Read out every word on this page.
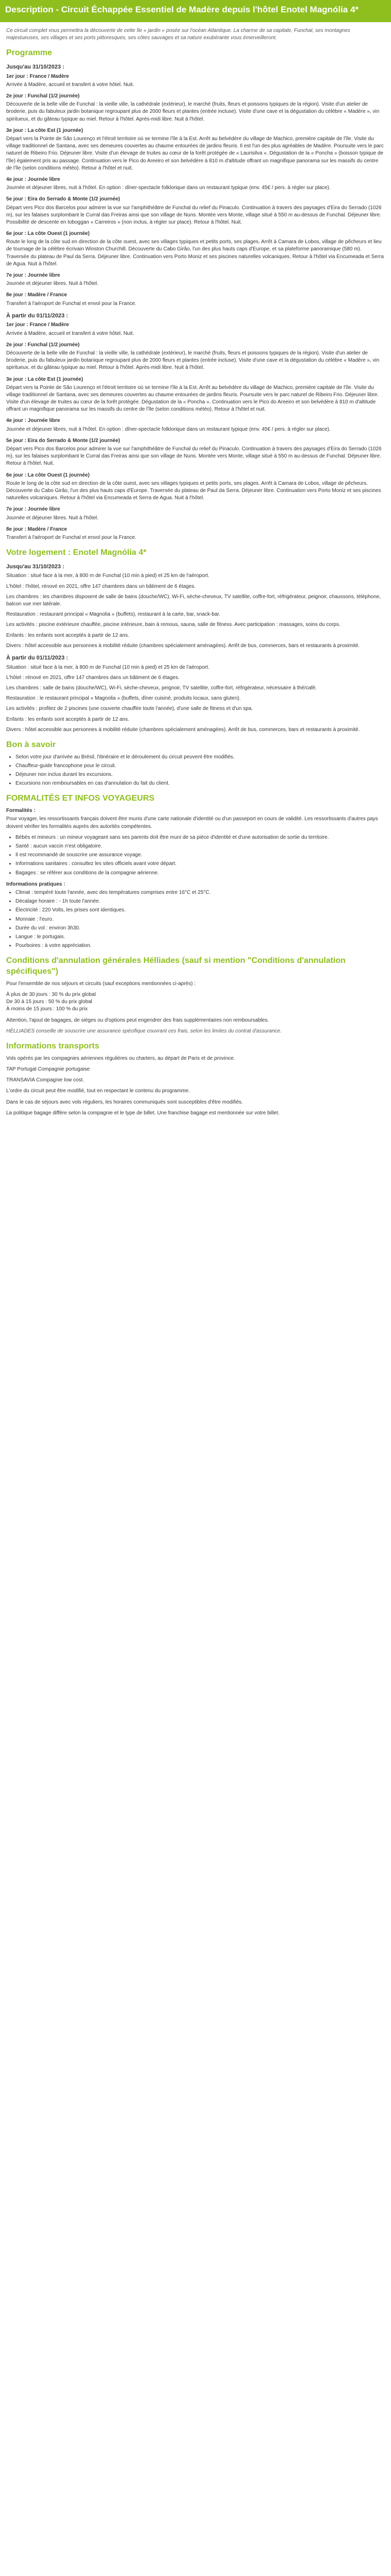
Description - Circuit Échappée Essentiel de Madère depuis l'hôtel Enotel Magnólia 4*

Ce circuit complet vous permettra la découverte de cette île « jardin » posée sur l'océan Atlantique. La charme de sa capitale, Funchal, ses montagnes majestueuses, ses villages et ses ports pittoresques, ses côtes sauvages et sa nature exubérante vous émerveilleront.

Programme
Jusqu'au 31/10/2023 :
1er jour : France / Madère
Arrivée à Madère, accueil et transfert à votre hôtel. Nuit.
2e jour : Funchal (1/2 journée)
Découverte de la belle ville de Funchal : la vieille ville, la cathédrale (extérieur), le marché (fruits, fleurs et poissons typiques de la région). Visite d'un atelier de broderie, puis du fabuleux jardin botanique regroupant plus de 2000 fleurs et plantes (entrée incluse). Visite d'une cave et la dégustation du célèbre « Madère », vin spiritueux, et du gâteau typique au miel. Retour à l'hôtel. Après-midi libre. Nuit à l'hôtel.
3e jour : La côte Est (1 journée)
Départ vers la Pointe de São Lourenço et l'étroit territoire où se termine l'île à la Est. Arrêt au belvédère du village de Machico, première capitale de l'île. Visite du village traditionnel de Santana, avec ses demeures couvertes au chaume entourées de jardins fleuris. Il est l'un des plus agréables de Madère. Poursuite vers le parc naturel de Ribeiro Frio. Déjeuner libre. Visite d'un élevage de truites au cœur de la forêt protégée de « Laurisilva ». Dégustation de la « Poncha » (boisson typique de l'île) également pris au passage. Continuation vers le Pico do Areeiro et son belvédère à 810 m d'altitude offrant un magnifique panorama sur les massifs du centre de l'île (selon conditions météo). Retour à l'hôtel et nuit.
4e jour : Journée libre
Journée et déjeuner libres, nuit à l'hôtel. En option : dîner-spectacle folklorique dans un restaurant typique (env. 45€ / pers. à régler sur place).
5e jour : Eira do Serrado & Monte (1/2 journée)
Départ vers Pico dos Barcelos pour admirer la vue sur l'amphithéâtre de Funchal du relief du Pinaculo. Continuation à travers des paysages d'Eira do Serrado (1026 m), sur les falaises surplombant le Curral das Freiras ainsi que son village de Nuns. Montée vers Monte, village situé à 550 m au-dessus de Funchal. Déjeuner libre. Possibilité de descente en toboggan « Carreiros » (non inclus, à régler sur place). Retour à l'hôtel. Nuit.
6e jour : La côte Ouest (1 journée)
Route le long de la côte sud en direction de la côte ouest, avec ses villages typiques et petits ports, ses plages. Arrêt à Camara de Lobos, village de pêcheurs et lieu de tournage de la célèbre écrivain Winston Churchill. Découverte du Cabo Girão, l'un des plus hauts caps d'Europe, et sa plateforme panoramique (580 m). Traversée du plateau de Paul da Serra. Déjeuner libre. Continuation vers Porto Moniz et ses piscines naturelles volcaniques. Retour à l'hôtel via Encumeada et Serra de Agua. Nuit à l'hôtel.
7e jour : Journée libre
Journée et déjeuner libres. Nuit à l'hôtel.
8e jour : Madère / France
Transfert à l'aéroport de Funchal et envol pour la France.
À partir du 01/11/2023 :
1er jour : France / Madère
Arrivée à Madère, accueil et transfert à votre hôtel. Nuit.
2e jour : Funchal (1/2 journée)
Découverte de la belle ville de Funchal : la vieille ville, la cathédrale (extérieur), le marché (fruits, fleurs et poissons typiques de la région). Visite d'un atelier de broderie, puis du fabuleux jardin botanique regroupant plus de 2000 fleurs et plantes (entrée incluse). Visite d'une cave et la dégustation du célèbre « Madère », vin spiritueux, et du gâteau typique au miel. Retour à l'hôtel. Après-midi libre. Nuit à l'hôtel.
3e jour : La côte Est (1 journée)
Départ vers la Pointe de São Lourenço et l'étroit territoire où se termine l'île à la Est. Arrêt au belvédère du village de Machico, première capitale de l'île. Visite du village traditionnel de Santana, avec ses demeures couvertes au chaume entourées de jardins fleuris. Poursuite vers le parc naturel de Ribeiro Frio. Déjeuner libre. Visite d'un élevage de truites au cœur de la forêt protégée. Dégustation de la « Poncha ». Continuation vers le Pico do Areeiro et son belvédère à 810 m d'altitude offrant un magnifique panorama sur les massifs du centre de l'île (selon conditions météo). Retour à l'hôtel et nuit.
4e jour : Journée libre
Journée et déjeuner libres, nuit à l'hôtel. En option : dîner-spectacle folklorique dans un restaurant typique (env. 45€ / pers. à régler sur place).
5e jour : Eira do Serrado & Monte (1/2 journée)
Départ vers Pico dos Barcelos pour admirer la vue sur l'amphithéâtre de Funchal du relief du Pinaculo. Continuation à travers des paysages d'Eira do Serrado (1026 m), sur les falaises surplombant le Curral das Freiras ainsi que son village de Nuns. Montée vers Monte, village situé à 550 m au-dessus de Funchal. Déjeuner libre. Retour à l'hôtel. Nuit.
6e jour : La côte Ouest (1 journée)
Route le long de la côte sud en direction de la côte ouest, avec ses villages typiques et petits ports, ses plages. Arrêt à Camara de Lobos, village de pêcheurs. Découverte du Cabo Girão, l'un des plus hauts caps d'Europe. Traversée du plateau de Paul da Serra. Déjeuner libre. Continuation vers Porto Moniz et ses piscines naturelles volcaniques. Retour à l'hôtel via Encumeada et Serra de Agua. Nuit à l'hôtel.
7e jour : Journée libre
Journée et déjeuner libres. Nuit à l'hôtel.
8e jour : Madère / France
Transfert à l'aéroport de Funchal et envol pour la France.
Votre logement : Enotel Magnólia 4*
Jusqu'au 31/10/2023 :

Situation : situé face à la mer, à 800 m de Funchal (10 min à pied) et 25 km de l'aéroport.

L'hôtel : l'hôtel, rénové en 2021, offre 147 chambres dans un bâtiment de 6 étages.

Les chambres : les chambres disposent de salle de bains (douche/WC), Wi-Fi, sèche-cheveux, TV satellite, coffre-fort, réfrigérateur, peignoir, chaussons, téléphone, balcon vue mer latérale.

Restauration : restaurant principal « Magnolia » (buffets), restaurant à la carte, bar, snack-bar.

Les activités : piscine extérieure chauffée, piscine intérieure, bain à remous, sauna, salle de fitness. Avec participation : massages, soins du corps.

Enfants : les enfants sont acceptés à partir de 12 ans.

Divers : hôtel accessible aux personnes à mobilité réduite (chambres spécialement aménagées). Arrêt de bus, commerces, bars et restaurants à proximité.

À partir du 01/11/2023 :

Situation : situé face à la mer, à 800 m de Funchal (10 min à pied) et 25 km de l'aéroport.

L'hôtel : rénové en 2021, offre 147 chambres dans un bâtiment de 6 étages.

Les chambres : salle de bains (douche/WC), Wi-Fi, sèche-cheveux, peignoir, TV satellite, coffre-fort, réfrigérateur, nécessaire à thé/café.

Restauration : le restaurant principal « Magnolia » (buffets, dîner cuisiné, produits locaux, sans gluten).

Les activités : profitez de 2 piscines (une couverte chauffée toute l'année), d'une salle de fitness et d'un spa.

Enfants : les enfants sont acceptés à partir de 12 ans.

Divers : hôtel accessible aux personnes à mobilité réduite (chambres spécialement aménagées). Arrêt de bus, commerces, bars et restaurants à proximité.

Bon à savoir
• Selon votre jour d'arrivée au Brésil, l'itinéraire et le déroulement du circuit peuvent être modifiés.
• Chauffeur-guide francophone pour le circuit.
• Déjeuner non inclus durant les excursions.
• Excursions non remboursables en cas d'annulation du fait du client.
FORMALITÉS ET INFOS VOYAGEURS

Formalités :

Pour voyager, les ressortissants français doivent être munis d'une carte nationale d'identité ou d'un passeport en cours de validité. Les ressortissants d'autres pays doivent vérifier les formalités auprès des autorités compétentes.

• Bébés et mineurs : un mineur voyageant sans ses parents doit être muni de sa pièce d'identité et d'une autorisation de sortie du territoire.
• Santé : aucun vaccin n'est obligatoire.
• Il est recommandé de souscrire une assurance voyage.
• Informations sanitaires : consultez les sites officiels avant votre départ.
• Bagages : se référer aux conditions de la compagnie aérienne.

Informations pratiques :

• Climat : tempéré toute l'année, avec des températures comprises entre 16°C et 25°C.
• Décalage horaire : - 1h toute l'année.
• Électricité : 220 Volts, les prises sont identiques.
• Monnaie : l'euro.
• Durée du vol : environ 3h30.
• Langue : le portugais.
• Pourboires : à votre appréciation.
Conditions d'annulation générales Hélliades (sauf si mention "Conditions d'annulation spécifiques")

Pour l'ensemble de nos séjours et circuits (sauf exceptions mentionnées ci-après) :

À plus de 30 jours : 30 % du prix global
De 30 à 15 jours : 50 % du prix global
À moins de 15 jours : 100 % du prix

Attention, l'ajout de bagages, de sièges ou d'options peut engendrer des frais supplémentaires non remboursables.

HÉLLIADES conseille de souscrire une assurance spécifique couvrant ces frais, selon les limites du contrat d'assurance.

Informations transports

Vols opérés par les compagnies aériennes régulières ou charters, au départ de Paris et de province.

TAP Portugal Compagnie portugaise

TRANSAVIA Compagnie low cost.

L'ordre du circuit peut être modifié, tout en respectant le contenu du programme.

Dans le cas de séjours avec vols réguliers, les horaires communiqués sont susceptibles d'être modifiés.

La politique bagage diffère selon la compagnie et le type de billet. Une franchise bagage est mentionnée sur votre billet.
